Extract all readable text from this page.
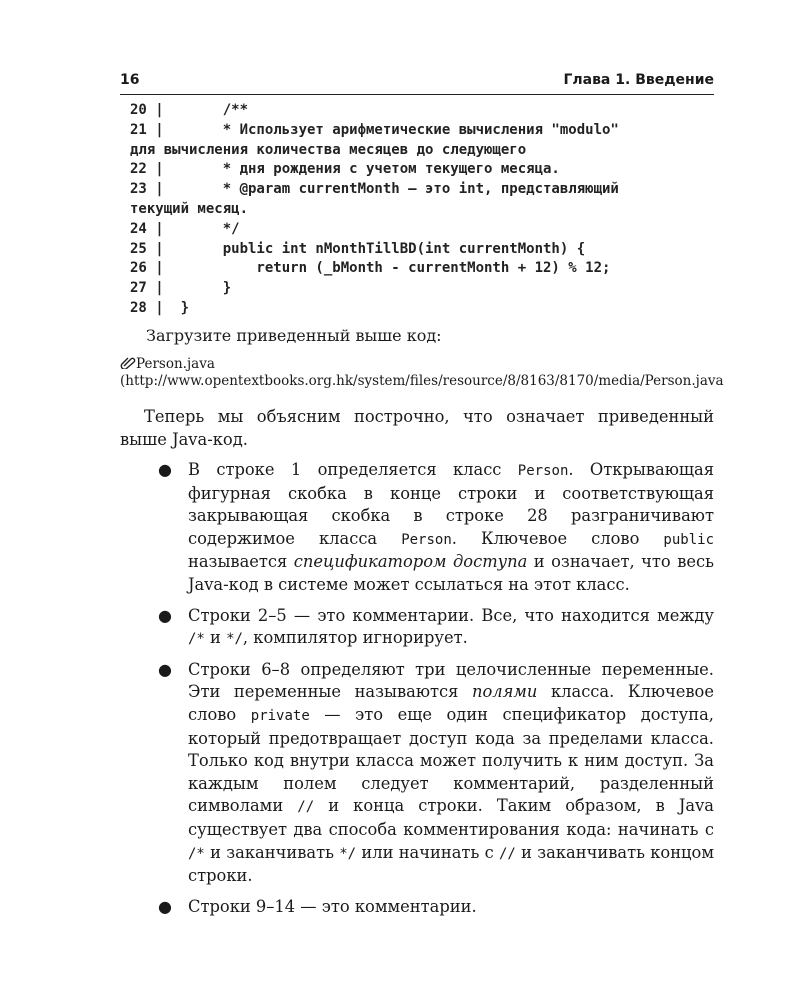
16	Глава 1. Введение
20 |       /**
21 |       * Использует арифметические вычисления "modulo"
для вычисления количества месяцев до следующего
22 |       * дня рождения с учетом текущего месяца.
23 |       * @param currentMonth — это int, представляющий
текущий месяц.
24 |       */
25 |       public int nMonthTillBD(int currentMonth) {
26 |           return (_bMonth - currentMonth + 12) % 12;
27 |       }
28 |  }
Загрузите приведенный выше код:
Person.java (http://www.opentextbooks.org.hk/system/files/resource/8/8163/8170/media/Person.java
Теперь мы объясним построчно, что означает приведенный выше Java-код.
● В строке 1 определяется класс Person. Открывающая фигурная скобка в конце строки и соответствующая закрывающая скобка в строке 28 разграничивают содержимое класса Person. Ключевое слово public называется спецификатором доступа и означает, что весь Java-код в системе может ссылаться на этот класс.
● Строки 2–5 — это комментарии. Все, что находится между /* и */, компилятор игнорирует.
● Строки 6–8 определяют три целочисленные переменные. Эти переменные называются полями класса. Ключевое слово private — это еще один спецификатор доступа, который предотвращает доступ кода за пределами класса. Только код внутри класса может получить к ним доступ. За каждым полем следует комментарий, разделенный символами // и конца строки. Таким образом, в Java существует два способа комментирования кода: начинать с /* и заканчивать */ или начинать с // и заканчивать концом строки.
● Строки 9–14 — это комментарии.
